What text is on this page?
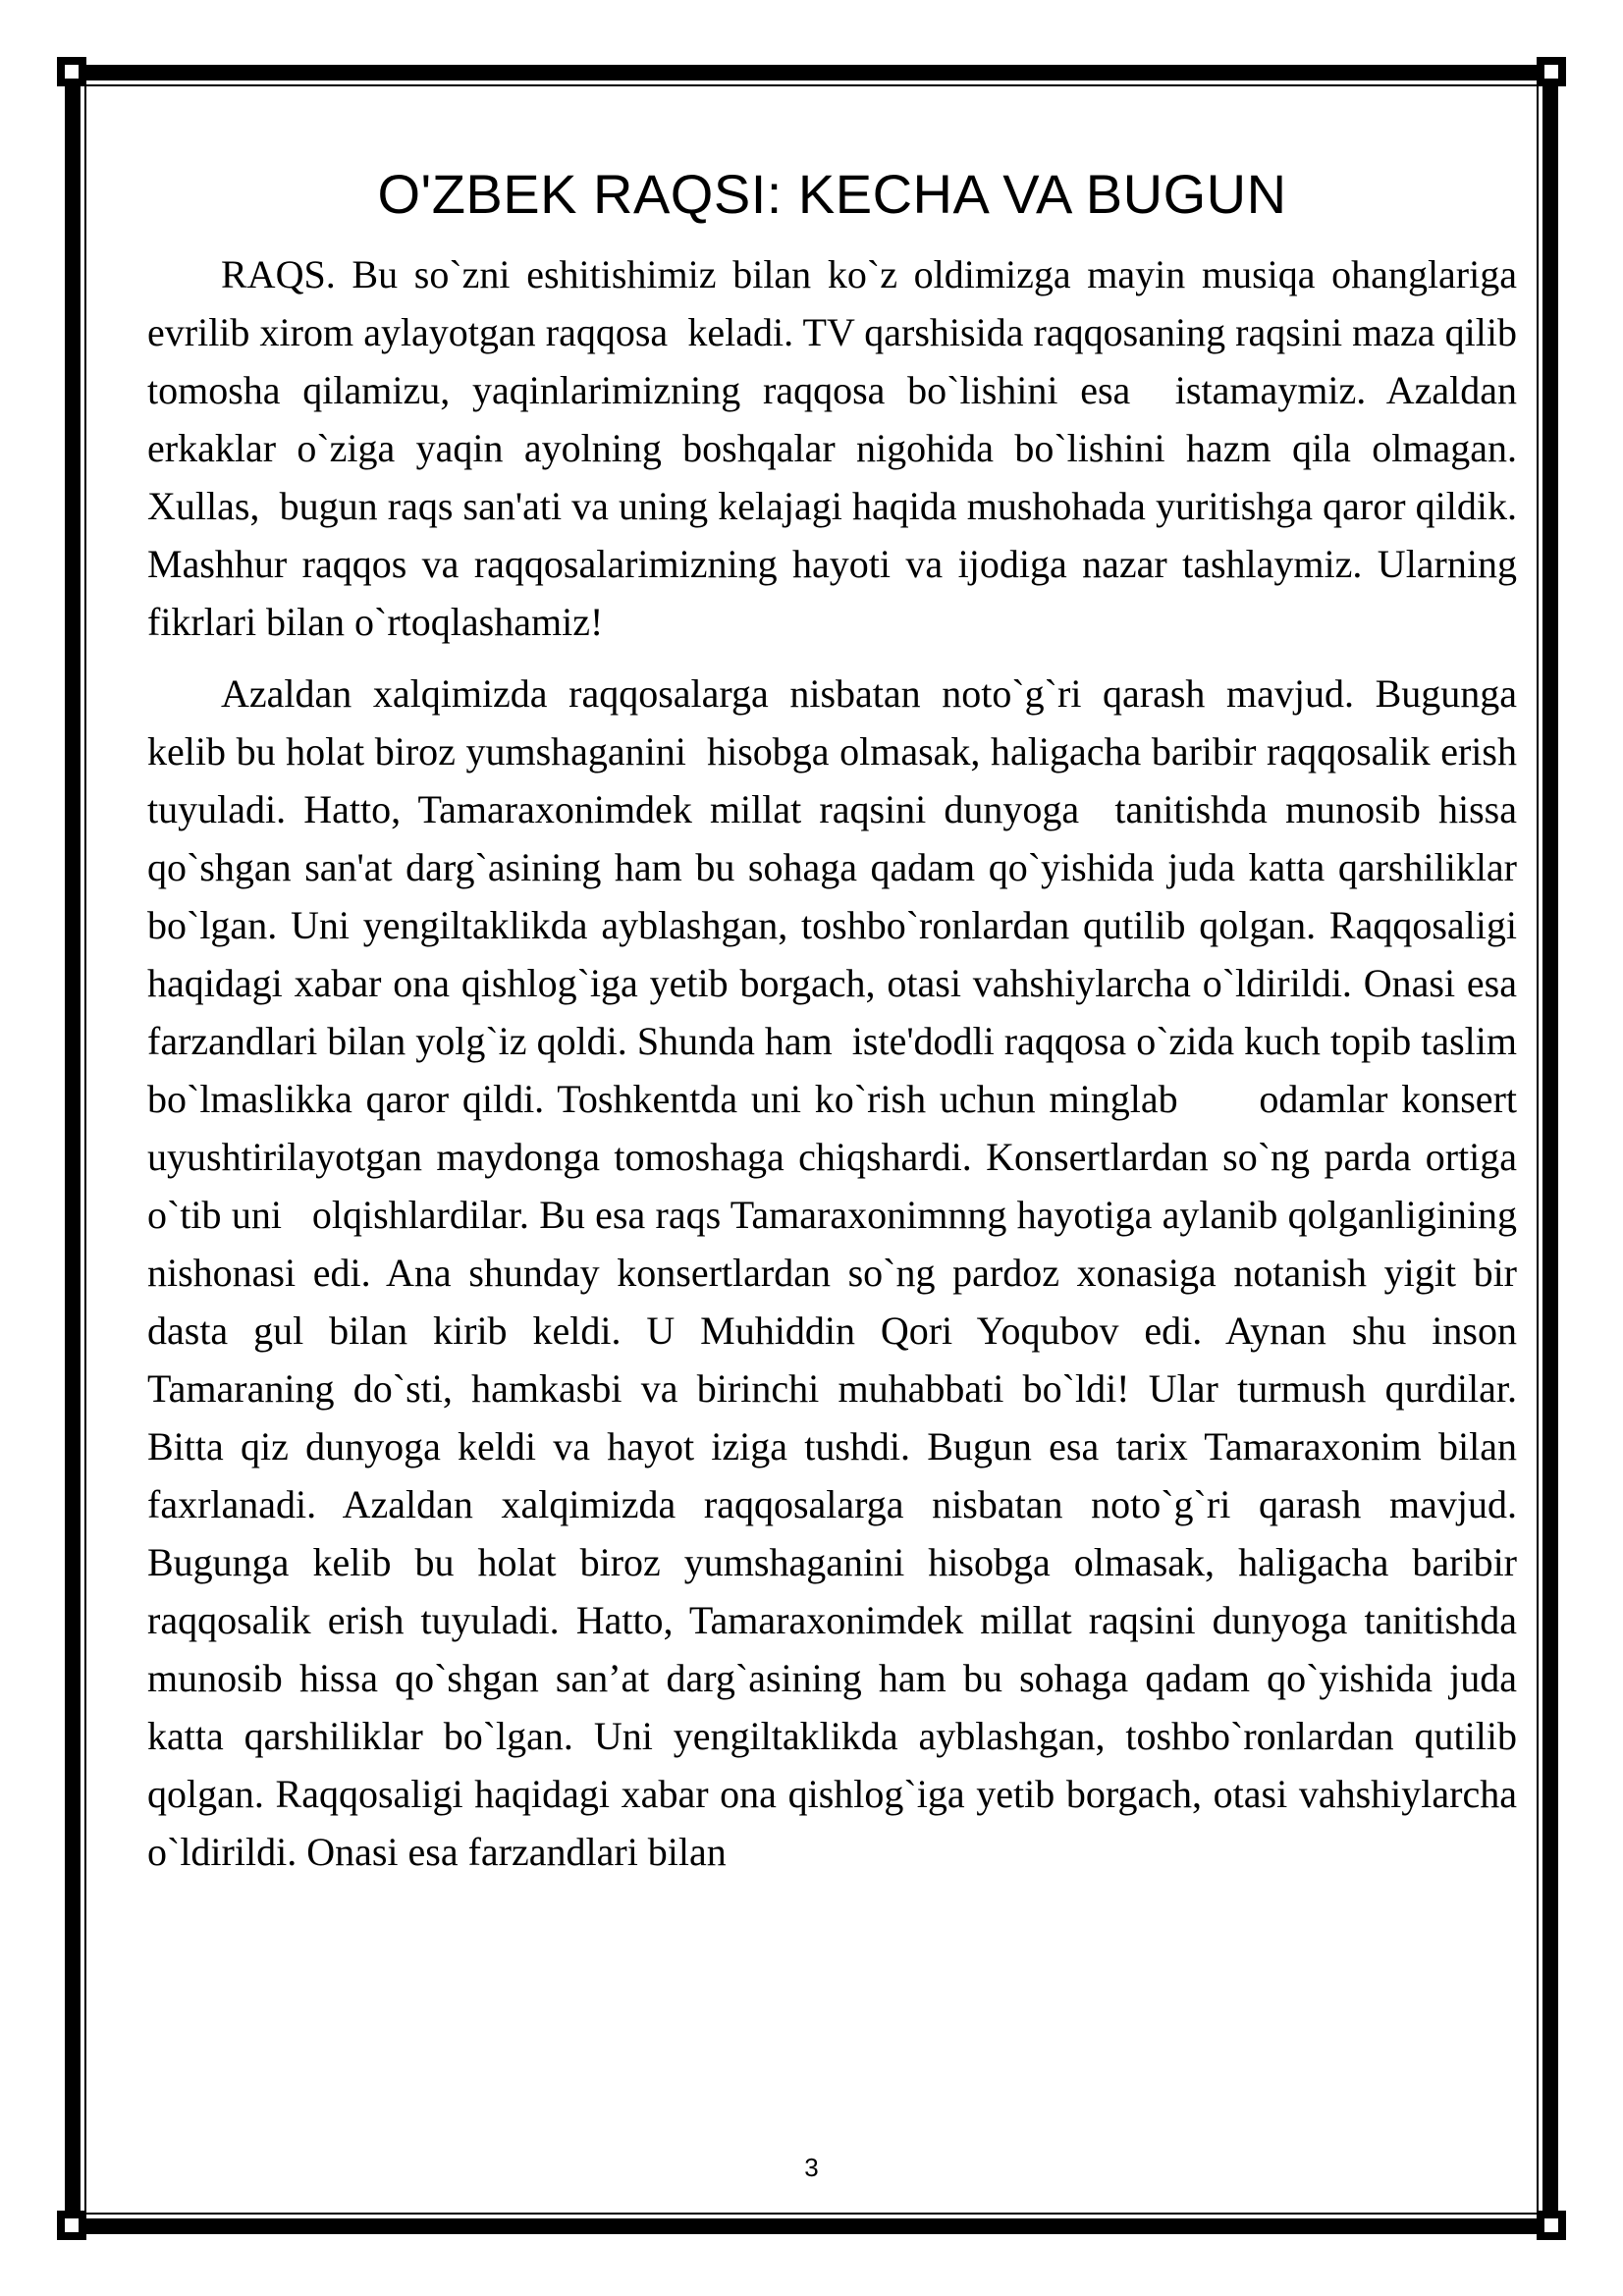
O'ZBEK RAQSI: KECHA VA BUGUN

RAQS. Bu so`zni eshitishimiz bilan ko`z oldimizga mayin musiqa ohanglariga evrilib xirom aylayotgan raqqosa  keladi. TV qarshisida raqqosaning raqsini maza qilib tomosha qilamizu, yaqinlarimizning raqqosa bo`lishini esa  istamaymiz. Azaldan erkaklar o`ziga yaqin ayolning boshqalar nigohida bo`lishini hazm qila olmagan. Xullas,  bugun raqs san'ati va uning kelajagi haqida mushohada yuritishga qaror qildik. Mashhur raqqos va raqqosalarimizning hayoti va ijodiga nazar tashlaymiz. Ularning fikrlari bilan o`rtoqlashamiz!

Azaldan xalqimizda raqqosalarga nisbatan noto`g`ri qarash mavjud. Bugunga kelib bu holat biroz yumshaganini  hisobga olmasak, haligacha baribir raqqosalik erish tuyuladi. Hatto, Tamaraxonimdek millat raqsini dunyoga  tanitishda munosib hissa qo`shgan san'at darg`asining ham bu sohaga qadam qo`yishida juda katta qarshiliklar  bo`lgan. Uni yengiltaklikda ayblashgan, toshbo`ronlardan qutilib qolgan. Raqqosaligi haqidagi xabar ona qishlog`iga yetib borgach, otasi vahshiylarcha o`ldirildi. Onasi esa farzandlari bilan yolg`iz qoldi. Shunda ham  iste'dodli raqqosa o`zida kuch topib taslim bo`lmaslikka qaror qildi. Toshkentda uni ko`rish uchun minglab      odamlar konsert uyushtirilayotgan maydonga tomoshaga chiqshardi. Konsertlardan so`ng parda ortiga o`tib uni   olqishlardilar. Bu esa raqs Tamaraxonimnng hayotiga aylanib qolganligining nishonasi edi. Ana shunday konsertlardan so`ng pardoz xonasiga notanish yigit bir dasta gul bilan kirib keldi. U Muhiddin Qori Yoqubov edi. Aynan shu inson Tamaraning do`sti, hamkasbi va birinchi muhabbati bo`ldi! Ular turmush qurdilar. Bitta qiz dunyoga keldi va hayot iziga tushdi. Bugun esa tarix Tamaraxonim bilan faxrlanadi. Azaldan xalqimizda raqqosalarga nisbatan noto`g`ri qarash mavjud. Bugunga kelib bu holat biroz yumshaganini hisobga olmasak, haligacha baribir raqqosalik erish tuyuladi. Hatto, Tamaraxonimdek millat raqsini dunyoga tanitishda munosib hissa qo`shgan san’at darg`asining ham bu sohaga qadam qo`yishida juda katta qarshiliklar bo`lgan. Uni yengiltaklikda ayblashgan, toshbo`ronlardan qutilib qolgan. Raqqosaligi haqidagi xabar ona qishlog`iga yetib borgach, otasi vahshiylarcha o`ldirildi. Onasi esa farzandlari bilan

3
